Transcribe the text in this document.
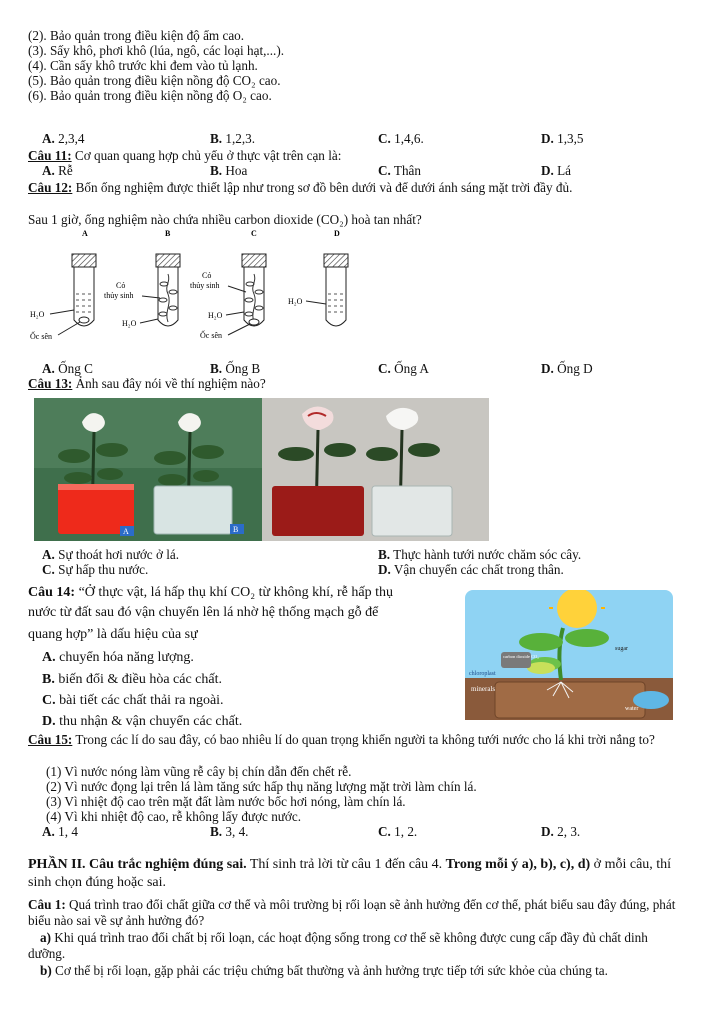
(2). Bảo quản trong điều kiện độ ẩm cao.
(3). Sấy khô, phơi khô (lúa, ngô, các loại hạt,...).
(4). Cần sấy khô trước khi đem vào tủ lạnh.
(5). Bảo quản trong điều kiện nồng độ CO₂ cao.
(6). Bảo quản trong điều kiện nồng độ O₂ cao.
A. 2,3,4	B. 1,2,3.	C. 1,4,6.	D. 1,3,5
Câu 11: Cơ quan quang hợp chủ yếu ở thực vật trên cạn là:
A. Rễ	B. Hoa	C. Thân	D. Lá
Câu 12: Bốn ống nghiệm được thiết lập như trong sơ đồ bên dưới và để dưới ánh sáng mặt trời đầy đủ.
Sau 1 giờ, ống nghiệm nào chứa nhiều carbon dioxide (CO₂) hoà tan nhất?
A	B	C	D
H₂O
Ốc sên
Cỏ
thủy sinh
H₂O
Cỏ
thủy sinh
H₂O
Ốc sên
H₂O
A. Ống C	B. Ống B	C. Ống A	D. Ống D
Câu 13: Ảnh sau đây nói về thí nghiệm nào?
A	B
A. Sự thoát hơi nước ở lá.	B. Thực hành tưới nước chăm sóc cây.
C. Sự hấp thu nước.	D. Vận chuyển các chất trong thân.
Câu 14: “Ở thực vật, lá hấp thụ khí CO₂ từ không khí, rễ hấp thụ
nước từ đất sau đó vận chuyển lên lá nhờ hệ thống mạch gỗ để
quang hợp” là dấu hiệu của sự
A. chuyển hóa năng lượng.
B. biến đổi & điều hòa các chất.
C. bài tiết các chất thải ra ngoài.
D. thu nhận & vận chuyển các chất.
carbon dioxide CO₂
chloroplast
sugar
minerals
water
Câu 15: Trong các lí do sau đây, có bao nhiêu lí do quan trọng khiến người ta không tưới nước cho lá khi trời nắng to?
(1) Vì nước nóng làm vũng rễ cây bị chín dẫn đến chết rễ.
(2) Vì nước đọng lại trên lá làm tăng sức hấp thụ năng lượng mặt trời làm chín lá.
(3) Vì nhiệt độ cao trên mặt đất làm nước bốc hơi nóng, làm chín lá.
(4) Vì khi nhiệt độ cao, rễ không lấy được nước.
A. 1, 4	B. 3, 4.	C. 1, 2.	D. 2, 3.
PHẦN II. Câu trắc nghiệm đúng sai. Thí sinh trả lời từ câu 1 đến câu 4. Trong mỗi ý a), b), c), d) ở mỗi câu, thí sinh chọn đúng hoặc sai.
Câu 1: Quá trình trao đổi chất giữa cơ thể và môi trường bị rối loạn sẽ ảnh hưởng đến cơ thể, phát biểu sau đây đúng, phát biểu nào sai về sự ảnh hưởng đó?
a) Khi quá trình trao đổi chất bị rối loạn, các hoạt động sống trong cơ thể sẽ không được cung cấp đầy đủ chất dinh dưỡng.
b) Cơ thể bị rối loạn, gặp phải các triệu chứng bất thường và ảnh hưởng trực tiếp tới sức khỏe của chúng ta.
